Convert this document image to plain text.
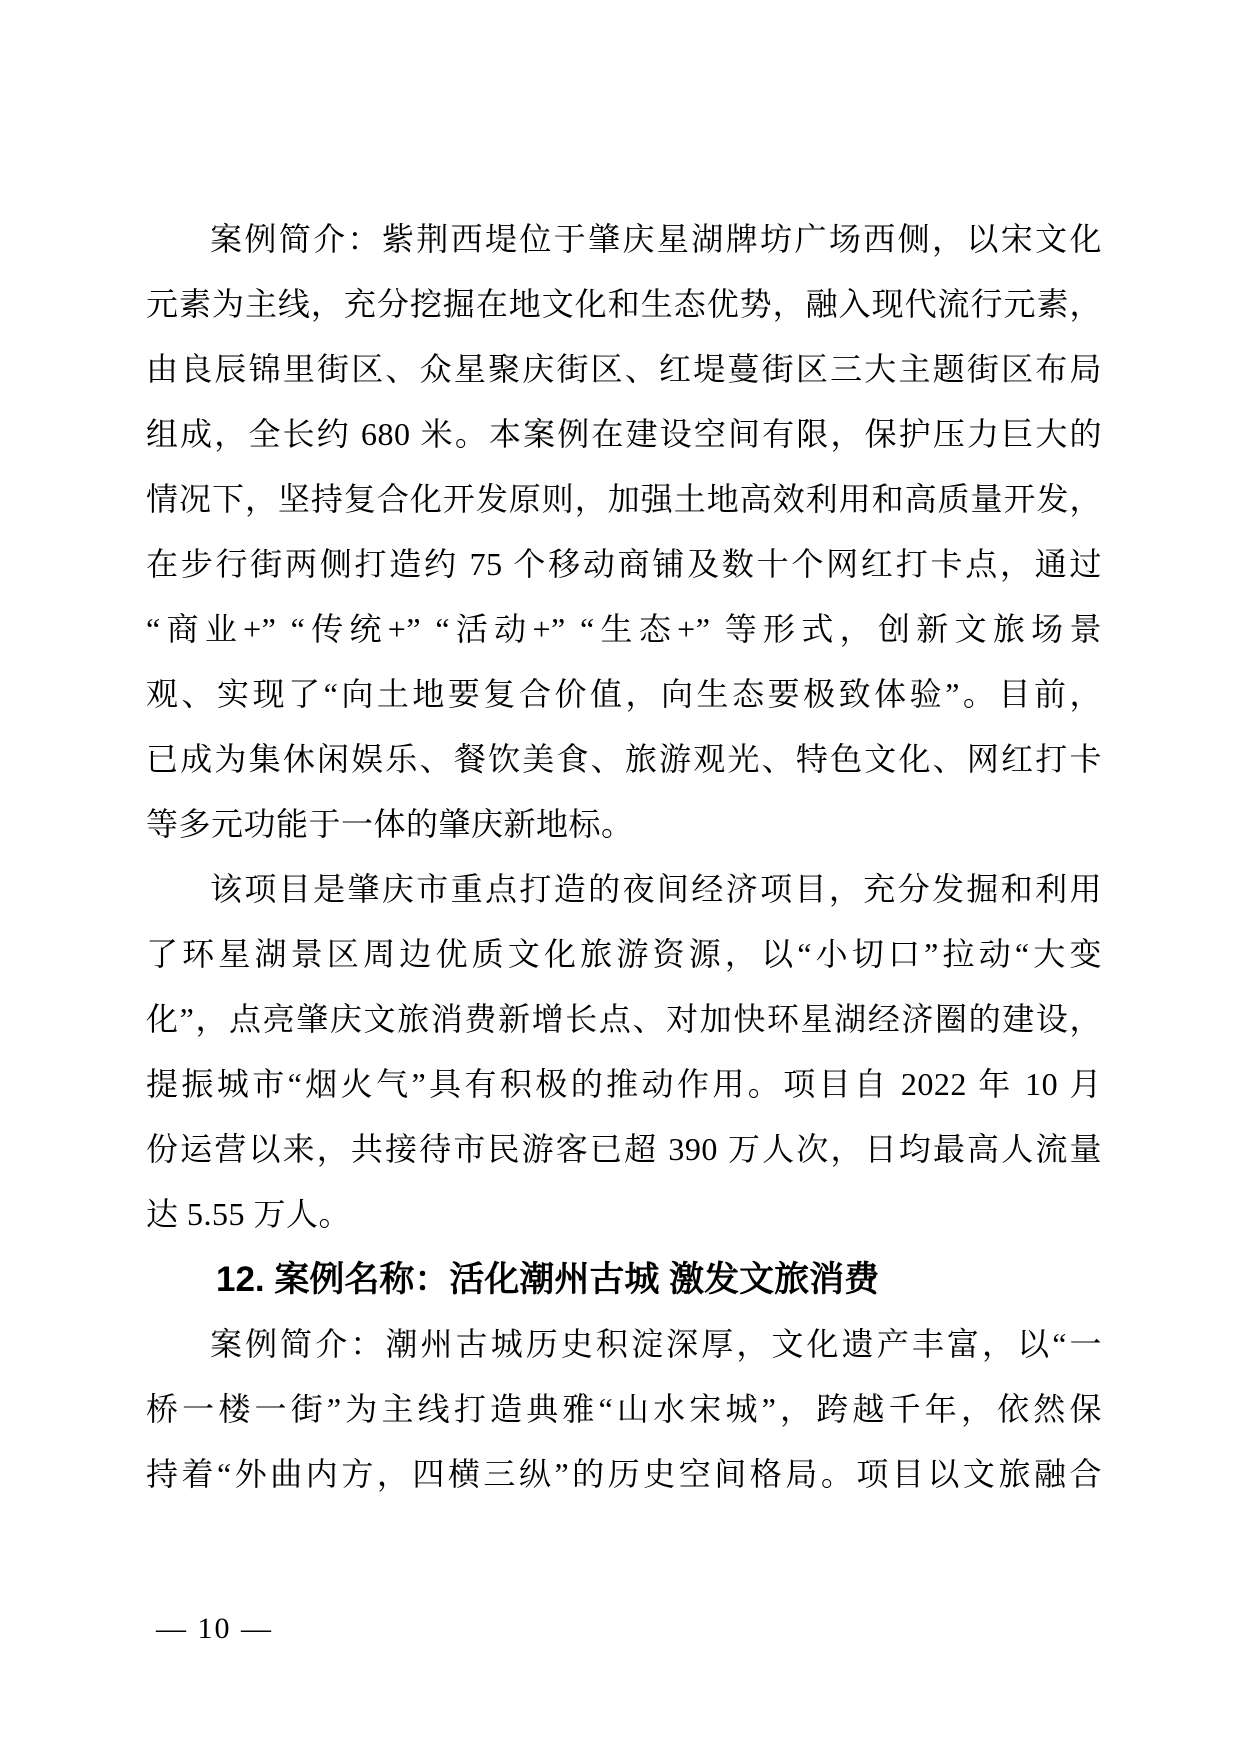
案例简介：紫荆西堤位于肇庆星湖牌坊广场西侧，以宋文化
元素为主线，充分挖掘在地文化和生态优势，融入现代流行元素，
由良辰锦里街区、众星聚庆街区、红堤蔓街区三大主题街区布局
组成，全长约 680 米。本案例在建设空间有限，保护压力巨大的
情况下，坚持复合化开发原则，加强土地高效利用和高质量开发，
在步行街两侧打造约 75 个移动商铺及数十个网红打卡点，通过
“商业+” “传统+” “活动+” “生态+” 等形式，创新文旅场景
观、实现了“向土地要复合价值，向生态要极致体验”。目前，
已成为集休闲娱乐、餐饮美食、旅游观光、特色文化、网红打卡
等多元功能于一体的肇庆新地标。
该项目是肇庆市重点打造的夜间经济项目，充分发掘和利用
了环星湖景区周边优质文化旅游资源，以“小切口”拉动“大变
化”，点亮肇庆文旅消费新增长点、对加快环星湖经济圈的建设，
提振城市“烟火气”具有积极的推动作用。项目自 2022 年 10 月
份运营以来，共接待市民游客已超 390 万人次，日均最高人流量
达 5.55 万人。
12. 案例名称：活化潮州古城 激发文旅消费
案例简介：潮州古城历史积淀深厚，文化遗产丰富，以“一
桥一楼一街”为主线打造典雅“山水宋城”，跨越千年，依然保
持着“外曲内方，四横三纵”的历史空间格局。项目以文旅融合
— 10 —
